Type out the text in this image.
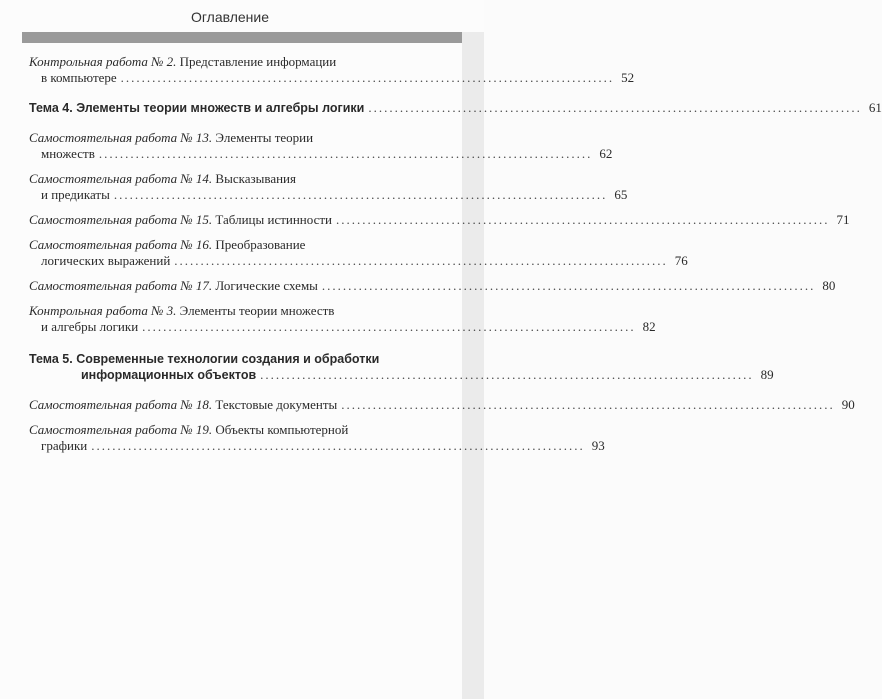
Оглавление
Контрольная работа № 2. Представление информации
в компьютере .............................................................................................. 52
Тема 4. Элементы теории множеств и алгебры логики .............................................................................................. 61
Самостоятельная работа № 13. Элементы теории
множеств .............................................................................................. 62
Самостоятельная работа № 14. Высказывания
и предикаты .............................................................................................. 65
Самостоятельная работа № 15. Таблицы истинности .............................................................................................. 71
Самостоятельная работа № 16. Преобразование
логических выражений .............................................................................................. 76
Самостоятельная работа № 17. Логические схемы .............................................................................................. 80
Контрольная работа № 3. Элементы теории множеств
и алгебры логики .............................................................................................. 82
Тема 5. Современные технологии создания и обработки
информационных объектов .............................................................................................. 89
Самостоятельная работа № 18. Текстовые документы .............................................................................................. 90
Самостоятельная работа № 19. Объекты компьютерной
графики .............................................................................................. 93
